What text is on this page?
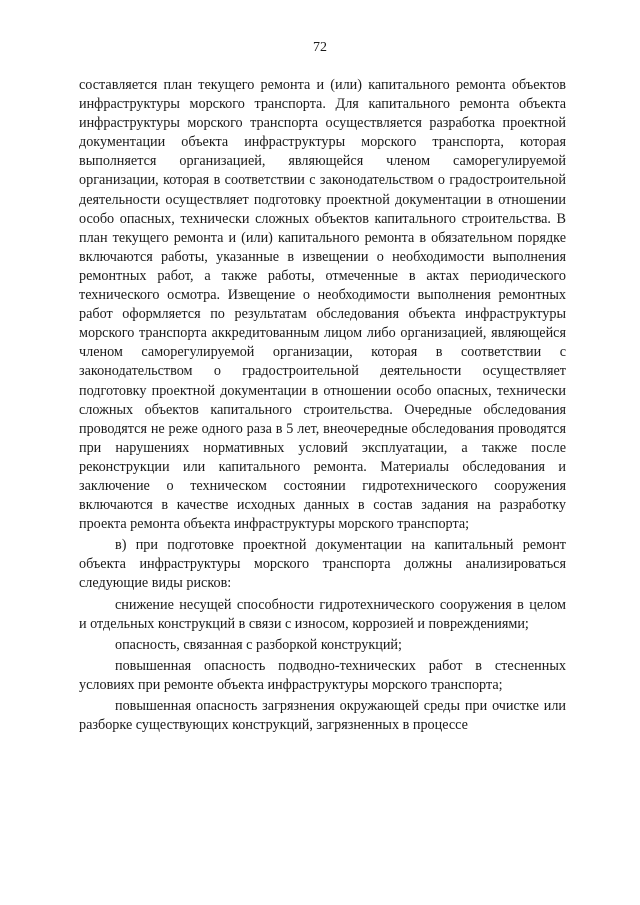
72

составляется план текущего ремонта и (или) капитального ремонта объектов инфраструктуры морского транспорта. Для капитального ремонта объекта инфраструктуры морского транспорта осуществляется разработка проектной документации объекта инфраструктуры морского транспорта, которая выполняется организацией, являющейся членом саморегулируемой организации, которая в соответствии с законодательством о градостроительной деятельности осуществляет подготовку проектной документации в отношении особо опасных, технически сложных объектов капитального строительства. В план текущего ремонта и (или) капитального ремонта в обязательном порядке включаются работы, указанные в извещении о необходимости выполнения ремонтных работ, а также работы, отмеченные в актах периодического технического осмотра. Извещение о необходимости выполнения ремонтных работ оформляется по результатам обследования объекта инфраструктуры морского транспорта аккредитованным лицом либо организацией, являющейся членом саморегулируемой организации, которая в соответствии с законодательством о градостроительной деятельности осуществляет подготовку проектной документации в отношении особо опасных, технически сложных объектов капитального строительства. Очередные обследования проводятся не реже одного раза в 5 лет, внеочередные обследования проводятся при нарушениях нормативных условий эксплуатации, а также после реконструкции или капитального ремонта. Материалы обследования и заключение о техническом состоянии гидротехнического сооружения включаются в качестве исходных данных в состав задания на разработку проекта ремонта объекта инфраструктуры морского транспорта;

в) при подготовке проектной документации на капитальный ремонт объекта инфраструктуры морского транспорта должны анализироваться следующие виды рисков:

снижение несущей способности гидротехнического сооружения в целом и отдельных конструкций в связи с износом, коррозией и повреждениями;

опасность, связанная с разборкой конструкций;

повышенная опасность подводно-технических работ в стесненных условиях при ремонте объекта инфраструктуры морского транспорта;

повышенная опасность загрязнения окружающей среды при очистке или разборке существующих конструкций, загрязненных в процессе
